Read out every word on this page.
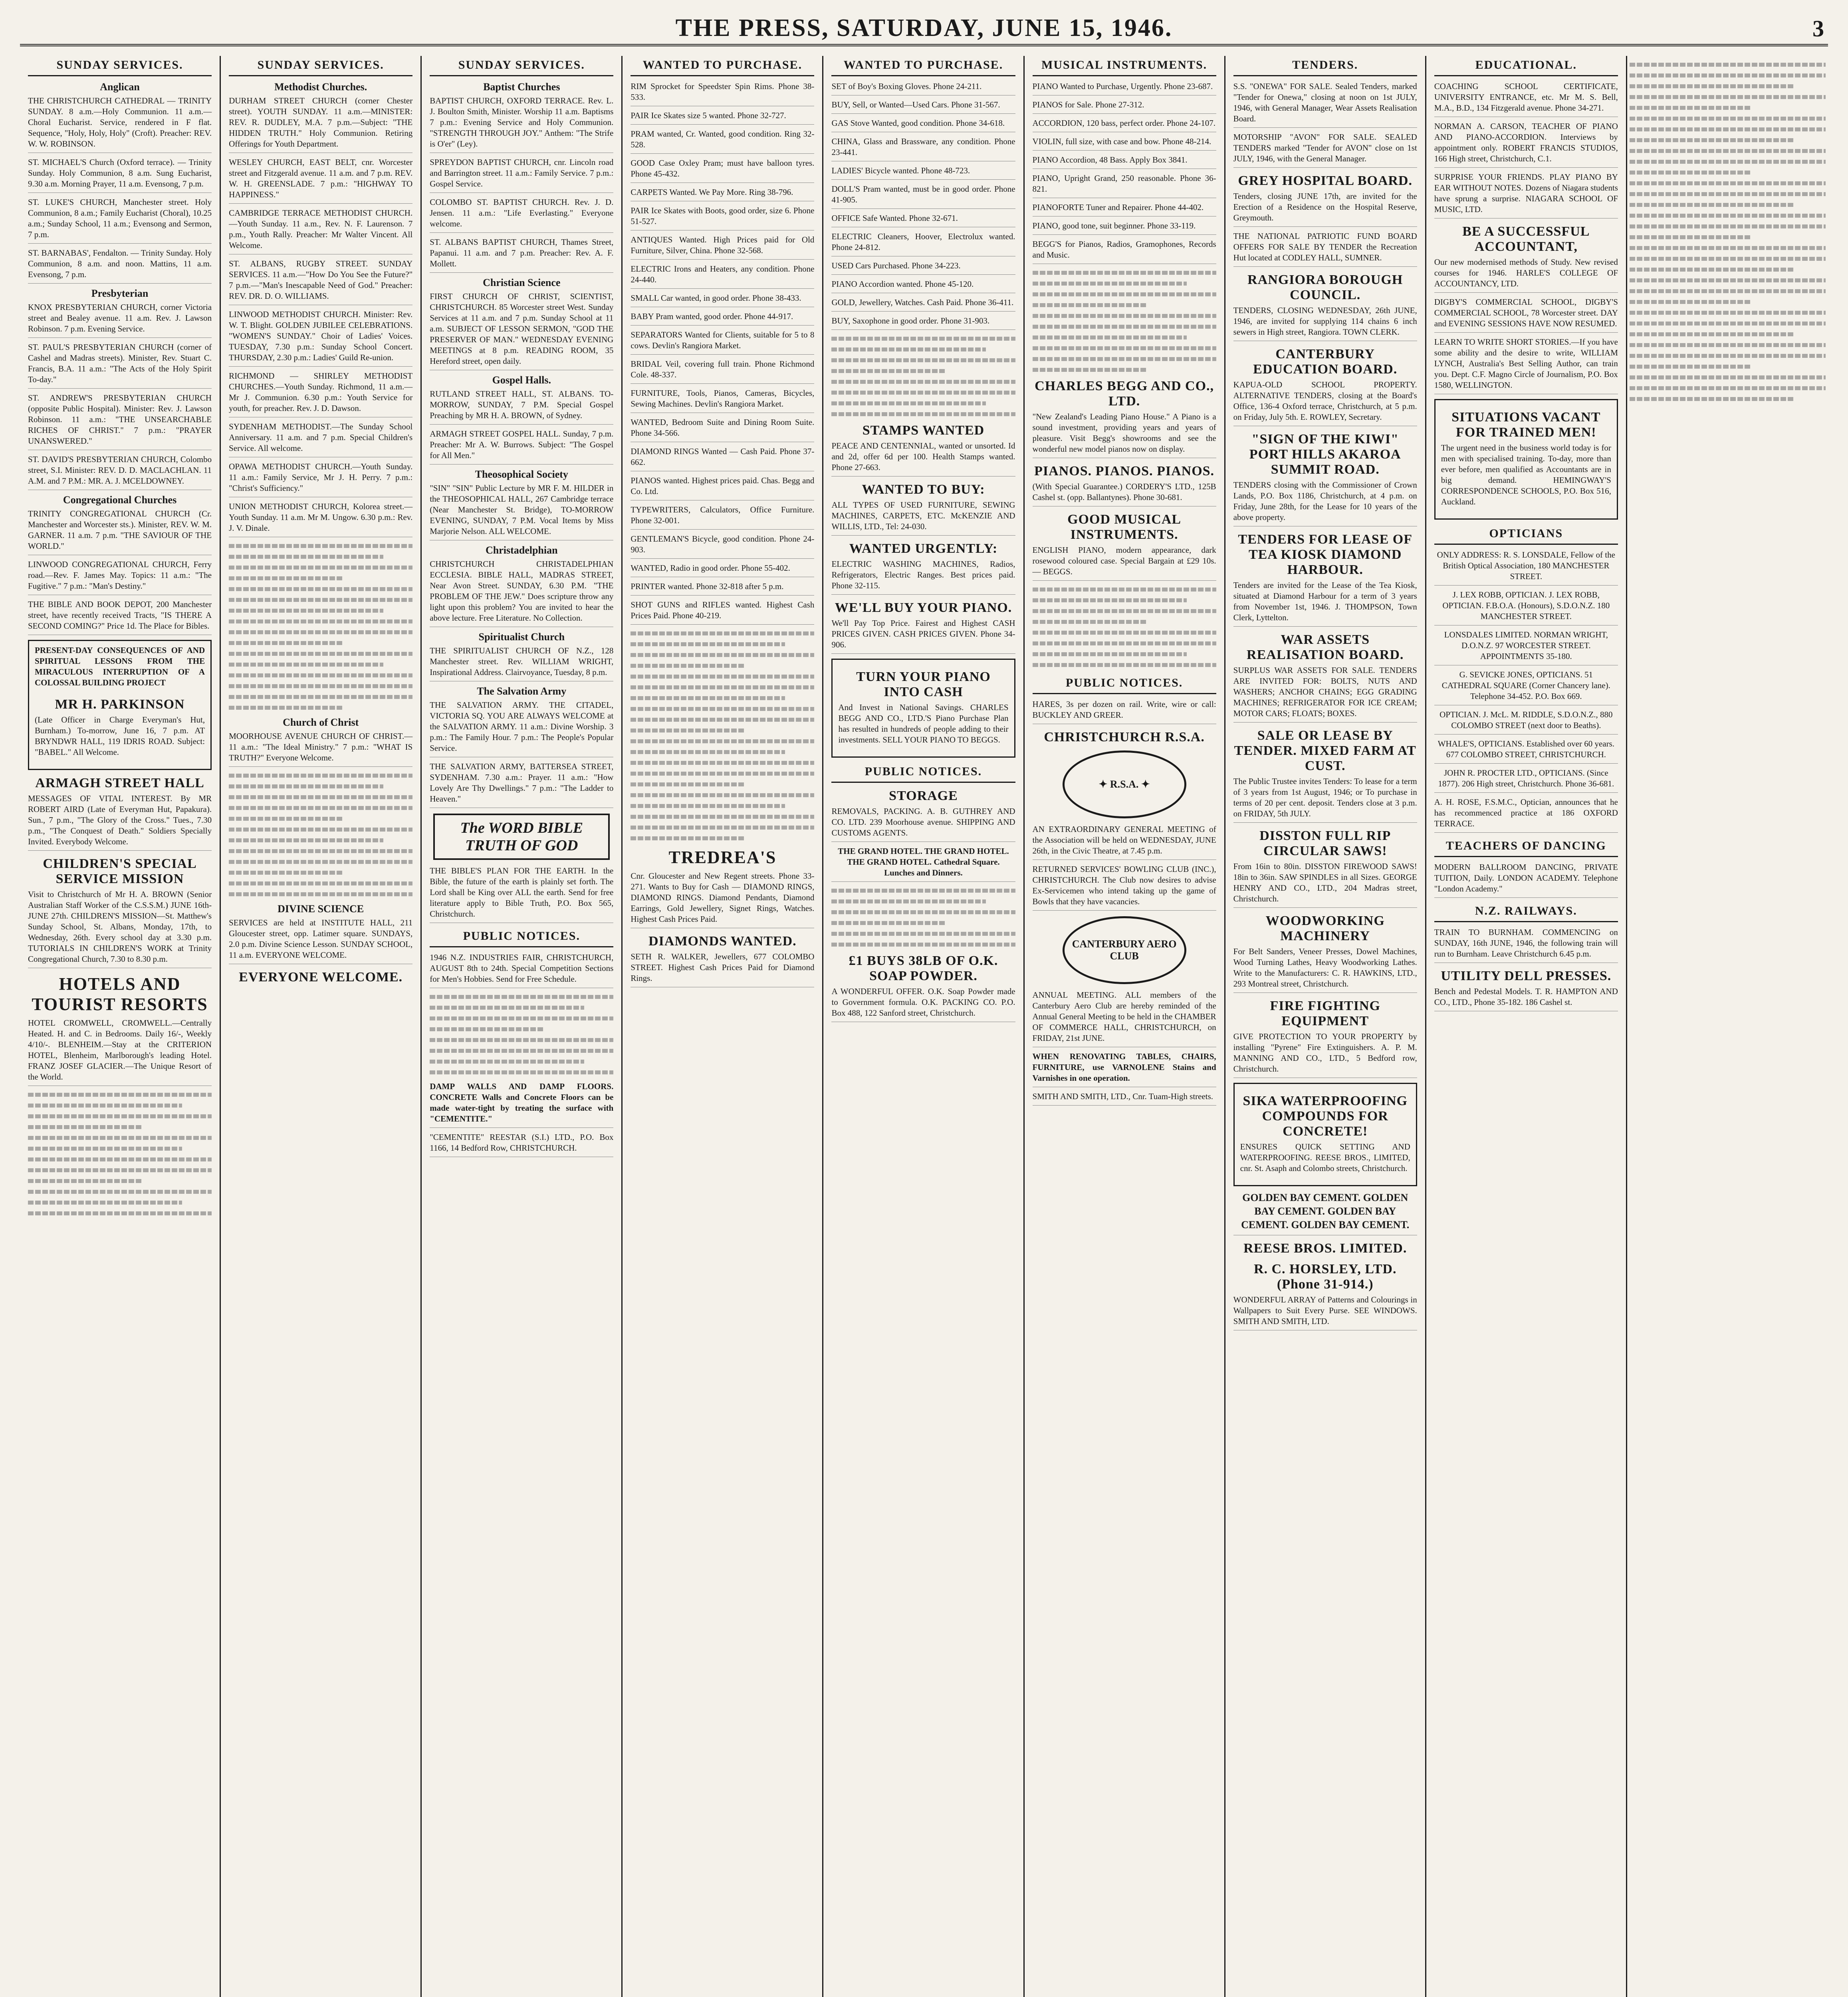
THE PRESS, SATURDAY, JUNE 15, 1946.	3
SUNDAY SERVICES.
Anglican

THE CHRISTCHURCH CATHEDRAL — TRINITY SUNDAY. 8 a.m.—Holy Communion. 11 a.m.—Choral Eucharist. Service, rendered in F flat. Sequence, "Holy, Holy, Holy" (Croft). Preacher: REV. W. W. ROBINSON.

ST. MICHAEL'S Church (Oxford terrace). — Trinity Sunday. Holy Communion, 8 a.m. Sung Eucharist, 9.30 a.m. Morning Prayer, 11 a.m. Evensong, 7 p.m.

ST. LUKE'S CHURCH, Manchester street. Holy Communion, 8 a.m.; Family Eucharist (Choral), 10.25 a.m.; Sunday School, 11 a.m.; Evensong and Sermon, 7 p.m.

ST. BARNABAS', Fendalton. — Trinity Sunday. Holy Communion, 8 a.m. and noon. Mattins, 11 a.m. Evensong, 7 p.m.

Presbyterian

KNOX PRESBYTERIAN CHURCH, corner Victoria street and Bealey avenue. 11 a.m. Rev. J. Lawson Robinson. 7 p.m. Evening Service.

ST. PAUL'S PRESBYTERIAN CHURCH (corner of Cashel and Madras streets). Minister, Rev. Stuart C. Francis, B.A. 11 a.m.: "The Acts of the Holy Spirit To-day."

ST. ANDREW'S PRESBYTERIAN CHURCH (opposite Public Hospital). Minister: Rev. J. Lawson Robinson. 11 a.m.: "THE UNSEARCHABLE RICHES OF CHRIST." 7 p.m.: "PRAYER UNANSWERED."

ST. DAVID'S PRESBYTERIAN CHURCH, Colombo street, S.I. Minister: REV. D. D. MACLACHLAN. 11 A.M. and 7 P.M.: MR. A. J. MCELDOWNEY.

Congregational Churches

TRINITY CONGREGATIONAL CHURCH (Cr. Manchester and Worcester sts.). Minister, REV. W. M. GARNER. 11 a.m. 7 p.m. "THE SAVIOUR OF THE WORLD."

LINWOOD CONGREGATIONAL CHURCH, Ferry road.—Rev. F. James May. Topics: 11 a.m.: "The Fugitive." 7 p.m.: "Man's Destiny."

THE BIBLE AND BOOK DEPOT, 200 Manchester street, have recently received Tracts, "IS THERE A SECOND COMING?" Price 1d. The Place for Bibles.

PRESENT-DAY CONSEQUENCES OF AND SPIRITUAL LESSONS FROM THE MIRACULOUS INTERRUPTION OF A COLOSSAL BUILDING PROJECT

MR H. PARKINSON

(Late Officer in Charge Everyman's Hut, Burnham.) To-morrow, June 16, 7 p.m. AT BRYNDWR HALL, 119 IDRIS ROAD. Subject: "BABEL." All Welcome.

ARMAGH STREET HALL

MESSAGES OF VITAL INTEREST. By MR ROBERT AIRD (Late of Everyman Hut, Papakura). Sun., 7 p.m., "The Glory of the Cross." Tues., 7.30 p.m., "The Conquest of Death." Soldiers Specially Invited. Everybody Welcome.

CHILDREN'S SPECIAL SERVICE MISSION

Visit to Christchurch of Mr H. A. BROWN (Senior Australian Staff Worker of the C.S.S.M.) JUNE 16th-JUNE 27th. CHILDREN'S MISSION—St. Matthew's Sunday School, St. Albans, Monday, 17th, to Wednesday, 26th. Every school day at 3.30 p.m. TUTORIALS IN CHILDREN'S WORK at Trinity Congregational Church, 7.30 to 8.30 p.m.

HOTELS AND TOURIST RESORTS

HOTEL CROMWELL, CROMWELL.—Centrally Heated. H. and C. in Bedrooms. Daily 16/-, Weekly 4/10/-. BLENHEIM.—Stay at the CRITERION HOTEL, Blenheim, Marlborough's leading Hotel. FRANZ JOSEF GLACIER.—The Unique Resort of the World.

SUNDAY SERVICES.
Methodist Churches.

DURHAM STREET CHURCH (corner Chester street). YOUTH SUNDAY. 11 a.m.—MINISTER: REV. R. DUDLEY, M.A. 7 p.m.—Subject: "THE HIDDEN TRUTH." Holy Communion. Retiring Offerings for Youth Department.

WESLEY CHURCH, EAST BELT, cnr. Worcester street and Fitzgerald avenue. 11 a.m. and 7 p.m. REV. W. H. GREENSLADE. 7 p.m.: "HIGHWAY TO HAPPINESS."

CAMBRIDGE TERRACE METHODIST CHURCH.—Youth Sunday. 11 a.m., Rev. N. F. Laurenson. 7 p.m., Youth Rally. Preacher: Mr Walter Vincent. All Welcome.

ST. ALBANS, RUGBY STREET. SUNDAY SERVICES. 11 a.m.—"How Do You See the Future?" 7 p.m.—"Man's Inescapable Need of God." Preacher: REV. DR. D. O. WILLIAMS.

LINWOOD METHODIST CHURCH. Minister: Rev. W. T. Blight. GOLDEN JUBILEE CELEBRATIONS. "WOMEN'S SUNDAY." Choir of Ladies' Voices. TUESDAY, 7.30 p.m.: Sunday School Concert. THURSDAY, 2.30 p.m.: Ladies' Guild Re-union.

RICHMOND — SHIRLEY METHODIST CHURCHES.—Youth Sunday. Richmond, 11 a.m.—Mr J. Communion. 6.30 p.m.: Youth Service for youth, for preacher. Rev. J. D. Dawson.

SYDENHAM METHODIST.—The Sunday School Anniversary. 11 a.m. and 7 p.m. Special Children's Service. All welcome.

OPAWA METHODIST CHURCH.—Youth Sunday. 11 a.m.: Family Service, Mr J. H. Perry. 7 p.m.: "Christ's Sufficiency."

UNION METHODIST CHURCH, Kolorea street.—Youth Sunday. 11 a.m. Mr M. Ungow. 6.30 p.m.: Rev. J. V. Dinale.

Church of Christ

MOORHOUSE AVENUE CHURCH OF CHRIST.—11 a.m.: "The Ideal Ministry." 7 p.m.: "WHAT IS TRUTH?" Everyone Welcome.

DIVINE SCIENCE

SERVICES are held at INSTITUTE HALL, 211 Gloucester street, opp. Latimer square. SUNDAYS, 2.0 p.m. Divine Science Lesson. SUNDAY SCHOOL, 11 a.m. EVERYONE WELCOME.

EVERYONE WELCOME.
SUNDAY SERVICES.
Baptist Churches

BAPTIST CHURCH, OXFORD TERRACE. Rev. L. J. Boulton Smith, Minister. Worship 11 a.m. Baptisms 7 p.m.: Evening Service and Holy Communion. "STRENGTH THROUGH JOY." Anthem: "The Strife is O'er" (Ley).

SPREYDON BAPTIST CHURCH, cnr. Lincoln road and Barrington street. 11 a.m.: Family Service. 7 p.m.: Gospel Service.

COLOMBO ST. BAPTIST CHURCH. Rev. J. D. Jensen. 11 a.m.: "Life Everlasting." Everyone welcome.

ST. ALBANS BAPTIST CHURCH, Thames Street, Papanui. 11 a.m. and 7 p.m. Preacher: Rev. A. F. Mollett.

Christian Science

FIRST CHURCH OF CHRIST, SCIENTIST, CHRISTCHURCH. 85 Worcester street West. Sunday Services at 11 a.m. and 7 p.m. Sunday School at 11 a.m. SUBJECT OF LESSON SERMON, "GOD THE PRESERVER OF MAN." WEDNESDAY EVENING MEETINGS at 8 p.m. READING ROOM, 35 Hereford street, open daily.

Gospel Halls.

RUTLAND STREET HALL, ST. ALBANS. TO-MORROW, SUNDAY, 7 P.M. Special Gospel Preaching by MR H. A. BROWN, of Sydney.

ARMAGH STREET GOSPEL HALL. Sunday, 7 p.m. Preacher: Mr A. W. Burrows. Subject: "The Gospel for All Men."

Theosophical Society

"SIN" "SIN" Public Lecture by MR F. M. HILDER in the THEOSOPHICAL HALL, 267 Cambridge terrace (Near Manchester St. Bridge), TO-MORROW EVENING, SUNDAY, 7 P.M. Vocal Items by Miss Marjorie Nelson. ALL WELCOME.

Christadelphian

CHRISTCHURCH CHRISTADELPHIAN ECCLESIA. BIBLE HALL, MADRAS STREET, Near Avon Street. SUNDAY, 6.30 P.M. "THE PROBLEM OF THE JEW." Does scripture throw any light upon this problem? You are invited to hear the above lecture. Free Literature. No Collection.

Spiritualist Church

THE SPIRITUALIST CHURCH OF N.Z., 128 Manchester street. Rev. WILLIAM WRIGHT, Inspirational Address. Clairvoyance, Tuesday, 8 p.m.

The Salvation Army

THE SALVATION ARMY. THE CITADEL, VICTORIA SQ. YOU ARE ALWAYS WELCOME at the SALVATION ARMY. 11 a.m.: Divine Worship. 3 p.m.: The Family Hour. 7 p.m.: The People's Popular Service.

THE SALVATION ARMY, BATTERSEA STREET, SYDENHAM. 7.30 a.m.: Prayer. 11 a.m.: "How Lovely Are Thy Dwellings." 7 p.m.: "The Ladder to Heaven."

The WORD BIBLE TRUTH OF GOD

THE BIBLE'S PLAN FOR THE EARTH. In the Bible, the future of the earth is plainly set forth. The Lord shall be King over ALL the earth. Send for free literature apply to Bible Truth, P.O. Box 565, Christchurch.

PUBLIC NOTICES.

1946 N.Z. INDUSTRIES FAIR, CHRISTCHURCH, AUGUST 8th to 24th. Special Competition Sections for Men's Hobbies. Send for Free Schedule.

DAMP WALLS AND DAMP FLOORS. CONCRETE Walls and Concrete Floors can be made water-tight by treating the surface with "CEMENTITE."

"CEMENTITE" REESTAR (S.I.) LTD., P.O. Box 1166, 14 Bedford Row, CHRISTCHURCH.

WANTED TO PURCHASE.

RIM Sprocket for Speedster Spin Rims. Phone 38-533.

PAIR Ice Skates size 5 wanted. Phone 32-727.

PRAM wanted, Cr. Wanted, good condition. Ring 32-528.

GOOD Case Oxley Pram; must have balloon tyres. Phone 45-432.

CARPETS Wanted. We Pay More. Ring 38-796.

PAIR Ice Skates with Boots, good order, size 6. Phone 51-527.

ANTIQUES Wanted. High Prices paid for Old Furniture, Silver, China. Phone 32-568.

ELECTRIC Irons and Heaters, any condition. Phone 24-440.

SMALL Car wanted, in good order. Phone 38-433.

BABY Pram wanted, good order. Phone 44-917.

SEPARATORS Wanted for Clients, suitable for 5 to 8 cows. Devlin's Rangiora Market.

BRIDAL Veil, covering full train. Phone Richmond Cole. 48-337.

FURNITURE, Tools, Pianos, Cameras, Bicycles, Sewing Machines. Devlin's Rangiora Market.

WANTED, Bedroom Suite and Dining Room Suite. Phone 34-566.

DIAMOND RINGS Wanted — Cash Paid. Phone 37-662.

PIANOS wanted. Highest prices paid. Chas. Begg and Co. Ltd.

TYPEWRITERS, Calculators, Office Furniture. Phone 32-001.

GENTLEMAN'S Bicycle, good condition. Phone 24-903.

WANTED, Radio in good order. Phone 55-402.

PRINTER wanted. Phone 32-818 after 5 p.m.

SHOT GUNS and RIFLES wanted. Highest Cash Prices Paid. Phone 40-219.

TREDREA'S

Cnr. Gloucester and New Regent streets. Phone 33-271. Wants to Buy for Cash — DIAMOND RINGS, DIAMOND RINGS. Diamond Pendants, Diamond Earrings, Gold Jewellery, Signet Rings, Watches. Highest Cash Prices Paid.

DIAMONDS WANTED.

SETH R. WALKER, Jewellers, 677 COLOMBO STREET. Highest Cash Prices Paid for Diamond Rings.

WANTED TO PURCHASE.

SET of Boy's Boxing Gloves. Phone 24-211.

BUY, Sell, or Wanted—Used Cars. Phone 31-567.

GAS Stove Wanted, good condition. Phone 34-618.

CHINA, Glass and Brassware, any condition. Phone 23-441.

LADIES' Bicycle wanted. Phone 48-723.

DOLL'S Pram wanted, must be in good order. Phone 41-905.

OFFICE Safe Wanted. Phone 32-671.

ELECTRIC Cleaners, Hoover, Electrolux wanted. Phone 24-812.

USED Cars Purchased. Phone 34-223.

PIANO Accordion wanted. Phone 45-120.

GOLD, Jewellery, Watches. Cash Paid. Phone 36-411.

BUY, Saxophone in good order. Phone 31-903.

STAMPS WANTED

PEACE AND CENTENNIAL, wanted or unsorted. Id and 2d, offer 6d per 100. Health Stamps wanted. Phone 27-663.

WANTED TO BUY:

ALL TYPES OF USED FURNITURE, SEWING MACHINES, CARPETS, ETC. McKENZIE AND WILLIS, LTD., Tel: 24-030.

WANTED URGENTLY:

ELECTRIC WASHING MACHINES, Radios, Refrigerators, Electric Ranges. Best prices paid. Phone 32-115.

WE'LL BUY YOUR PIANO.

We'll Pay Top Price. Fairest and Highest CASH PRICES GIVEN. CASH PRICES GIVEN. Phone 34-906.

TURN YOUR PIANO INTO CASH

And Invest in National Savings. CHARLES BEGG AND CO., LTD.'S Piano Purchase Plan has resulted in hundreds of people adding to their investments. SELL YOUR PIANO TO BEGGS.

PUBLIC NOTICES.
STORAGE

REMOVALS, PACKING. A. B. GUTHREY AND CO. LTD. 239 Moorhouse avenue. SHIPPING AND CUSTOMS AGENTS.

THE GRAND HOTEL. THE GRAND HOTEL. THE GRAND HOTEL. Cathedral Square. Lunches and Dinners.

£1 BUYS 38LB OF O.K. SOAP POWDER.

A WONDERFUL OFFER. O.K. Soap Powder made to Government formula. O.K. PACKING CO. P.O. Box 488, 122 Sanford street, Christchurch.

MUSICAL INSTRUMENTS.

PIANO Wanted to Purchase, Urgently. Phone 23-687.

PIANOS for Sale. Phone 27-312.

ACCORDION, 120 bass, perfect order. Phone 24-107.

VIOLIN, full size, with case and bow. Phone 48-214.

PIANO Accordion, 48 Bass. Apply Box 3841.

PIANO, Upright Grand, 250 reasonable. Phone 36-821.

PIANOFORTE Tuner and Repairer. Phone 44-402.

PIANO, good tone, suit beginner. Phone 33-119.

BEGG'S for Pianos, Radios, Gramophones, Records and Music.

CHARLES BEGG AND CO., LTD.

"New Zealand's Leading Piano House." A Piano is a sound investment, providing years and years of pleasure. Visit Begg's showrooms and see the wonderful new model pianos now on display.

PIANOS. PIANOS. PIANOS.

(With Special Guarantee.) CORDERY'S LTD., 125B Cashel st. (opp. Ballantynes). Phone 30-681.

GOOD MUSICAL INSTRUMENTS.

ENGLISH PIANO, modern appearance, dark rosewood coloured case. Special Bargain at £29 10s. — BEGGS.

PUBLIC NOTICES.

HARES, 3s per dozen on rail. Write, wire or call: BUCKLEY AND GREER.

CHRISTCHURCH R.S.A.
✦ R.S.A. ✦

AN EXTRAORDINARY GENERAL MEETING of the Association will be held on WEDNESDAY, JUNE 26th, in the Civic Theatre, at 7.45 p.m.

RETURNED SERVICES' BOWLING CLUB (INC.), CHRISTCHURCH. The Club now desires to advise Ex-Servicemen who intend taking up the game of Bowls that they have vacancies.

CANTERBURY AERO CLUB

ANNUAL MEETING. ALL members of the Canterbury Aero Club are hereby reminded of the Annual General Meeting to be held in the CHAMBER OF COMMERCE HALL, CHRISTCHURCH, on FRIDAY, 21st JUNE.

WHEN RENOVATING TABLES, CHAIRS, FURNITURE, use VARNOLENE Stains and Varnishes in one operation.

SMITH AND SMITH, LTD., Cnr. Tuam-High streets.

TENDERS.

S.S. "ONEWA" FOR SALE. Sealed Tenders, marked "Tender for Onewa," closing at noon on 1st JULY, 1946, with General Manager, Wear Assets Realisation Board.

MOTORSHIP "AVON" FOR SALE. SEALED TENDERS marked "Tender for AVON" close on 1st JULY, 1946, with the General Manager.

GREY HOSPITAL BOARD.

Tenders, closing JUNE 17th, are invited for the Erection of a Residence on the Hospital Reserve, Greymouth.

THE NATIONAL PATRIOTIC FUND BOARD OFFERS FOR SALE BY TENDER the Recreation Hut located at CODLEY HALL, SUMNER.

RANGIORA BOROUGH COUNCIL.

TENDERS, CLOSING WEDNESDAY, 26th JUNE, 1946, are invited for supplying 114 chains 6 inch sewers in High street, Rangiora. TOWN CLERK.

CANTERBURY EDUCATION BOARD.

KAPUA-OLD SCHOOL PROPERTY. ALTERNATIVE TENDERS, closing at the Board's Office, 136-4 Oxford terrace, Christchurch, at 5 p.m. on Friday, July 5th. E. ROWLEY, Secretary.

"SIGN OF THE KIWI" PORT HILLS AKAROA SUMMIT ROAD.

TENDERS closing with the Commissioner of Crown Lands, P.O. Box 1186, Christchurch, at 4 p.m. on Friday, June 28th, for the Lease for 10 years of the above property.

TENDERS FOR LEASE OF TEA KIOSK DIAMOND HARBOUR.

Tenders are invited for the Lease of the Tea Kiosk, situated at Diamond Harbour for a term of 3 years from November 1st, 1946. J. THOMPSON, Town Clerk, Lyttelton.

WAR ASSETS REALISATION BOARD.

SURPLUS WAR ASSETS FOR SALE. TENDERS ARE INVITED FOR: BOLTS, NUTS AND WASHERS; ANCHOR CHAINS; EGG GRADING MACHINES; REFRIGERATOR FOR ICE CREAM; MOTOR CARS; FLOATS; BOXES.

SALE OR LEASE BY TENDER. MIXED FARM AT CUST.

The Public Trustee invites Tenders: To lease for a term of 3 years from 1st August, 1946; or To purchase in terms of 20 per cent. deposit. Tenders close at 3 p.m. on FRIDAY, 5th JULY.

DISSTON FULL RIP CIRCULAR SAWS!

From 16in to 80in. DISSTON FIREWOOD SAWS! 18in to 36in. SAW SPINDLES in all Sizes. GEORGE HENRY AND CO., LTD., 204 Madras street, Christchurch.

WOODWORKING MACHINERY

For Belt Sanders, Veneer Presses, Dowel Machines, Wood Turning Lathes, Heavy Woodworking Lathes. Write to the Manufacturers: C. R. HAWKINS, LTD., 293 Montreal street, Christchurch.

FIRE FIGHTING EQUIPMENT

GIVE PROTECTION TO YOUR PROPERTY by installing "Pyrene" Fire Extinguishers. A. P. M. MANNING AND CO., LTD., 5 Bedford row, Christchurch.

SIKA WATERPROOFING COMPOUNDS FOR CONCRETE!

ENSURES QUICK SETTING AND WATERPROOFING. REESE BROS., LIMITED, cnr. St. Asaph and Colombo streets, Christchurch.

GOLDEN BAY CEMENT. GOLDEN BAY CEMENT. GOLDEN BAY CEMENT. GOLDEN BAY CEMENT.

REESE BROS. LIMITED.
R. C. HORSLEY, LTD. (Phone 31-914.)

WONDERFUL ARRAY of Patterns and Colourings in Wallpapers to Suit Every Purse. SEE WINDOWS. SMITH AND SMITH, LTD.

EDUCATIONAL.

COACHING SCHOOL CERTIFICATE, UNIVERSITY ENTRANCE, etc. Mr M. S. Bell, M.A., B.D., 134 Fitzgerald avenue. Phone 34-271.

NORMAN A. CARSON, TEACHER OF PIANO AND PIANO-ACCORDION. Interviews by appointment only. ROBERT FRANCIS STUDIOS, 166 High street, Christchurch, C.1.

SURPRISE YOUR FRIENDS. PLAY PIANO BY EAR WITHOUT NOTES. Dozens of Niagara students have sprung a surprise. NIAGARA SCHOOL OF MUSIC, LTD.

BE A SUCCESSFUL ACCOUNTANT,

Our new modernised methods of Study. New revised courses for 1946. HARLE'S COLLEGE OF ACCOUNTANCY, LTD.

DIGBY'S COMMERCIAL SCHOOL, DIGBY'S COMMERCIAL SCHOOL, 78 Worcester street. DAY and EVENING SESSIONS HAVE NOW RESUMED.

LEARN TO WRITE SHORT STORIES.—If you have some ability and the desire to write, WILLIAM LYNCH, Australia's Best Selling Author, can train you. Dept. C.F. Magno Circle of Journalism, P.O. Box 1580, WELLINGTON.

SITUATIONS VACANT FOR TRAINED MEN!

The urgent need in the business world today is for men with specialised training. To-day, more than ever before, men qualified as Accountants are in big demand. HEMINGWAY'S CORRESPONDENCE SCHOOLS, P.O. Box 516, Auckland.

OPTICIANS

ONLY ADDRESS: R. S. LONSDALE, Fellow of the British Optical Association, 180 MANCHESTER STREET.

J. LEX ROBB, OPTICIAN. J. LEX ROBB, OPTICIAN. F.B.O.A. (Honours), S.D.O.N.Z. 180 MANCHESTER STREET.

LONSDALES LIMITED. NORMAN WRIGHT, D.O.N.Z. 97 WORCESTER STREET. APPOINTMENTS 35-180.

G. SEVICKE JONES, OPTICIANS. 51 CATHEDRAL SQUARE (Corner Chancery lane). Telephone 34-452. P.O. Box 669.

OPTICIAN. J. McL. M. RIDDLE, S.D.O.N.Z., 880 COLOMBO STREET (next door to Beaths).

WHALE'S, OPTICIANS. Established over 60 years. 677 COLOMBO STREET, CHRISTCHURCH.

JOHN R. PROCTER LTD., OPTICIANS. (Since 1877). 206 High street, Christchurch. Phone 36-681.

A. H. ROSE, F.S.M.C., Optician, announces that he has recommenced practice at 186 OXFORD TERRACE.

TEACHERS OF DANCING

MODERN BALLROOM DANCING, PRIVATE TUITION, Daily. LONDON ACADEMY. Telephone "London Academy."

N.Z. RAILWAYS.

TRAIN TO BURNHAM. COMMENCING on SUNDAY, 16th JUNE, 1946, the following train will run to Burnham. Leave Christchurch 6.45 p.m.

UTILITY DELL PRESSES.

Bench and Pedestal Models. T. R. HAMPTON AND CO., LTD., Phone 35-182. 186 Cashel st.
